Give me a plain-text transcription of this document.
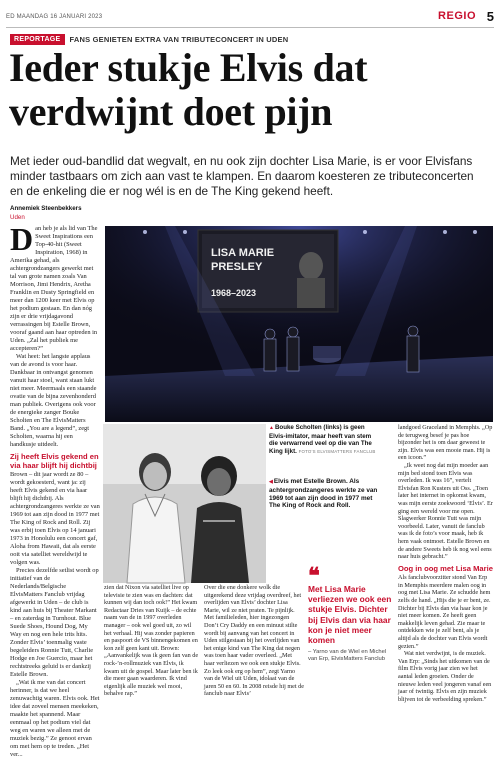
ED MAANDAG 16 JANUARI 2023	REGIO 5
REPORTAGE	FANS GENIETEN EXTRA VAN TRIBUTECONCERT IN UDEN
Ieder stukje Elvis dat verdwijnt doet pijn

Met ieder oud-bandlid dat wegvalt, en nu ook zijn dochter Lisa Marie, is er voor Elvisfans minder tastbaars om zich aan vast te klampen. En daarom koesteren ze tributeconcerten en de enkeling die er nog wél is en de The King gekend heeft.

Annemiek Steenbekkers
Uden

Dan heb je als lid van The Sweet Inspirations een Top-40-hit (Sweet Inspiration, 1968) in Amerika gehad, als achtergrondzangers gewerkt met tal van grote namen zoals Van Morrison, Jimi Hendrix, Aretha Franklin en Dusty Springfield en meer dan 1200 keer met Elvis op het podium gestaan. En dan nóg zijn er drie vrijdagavond verrassingen bij Estelle Brown, vooraf gaand aan haar optreden in Uden. „Zal het publiek me accepteren?”

Wat heet: het langste applaus van de avond is voor haar. Dankbaar in ontvangst genomen vanuit haar stoel, want staan lukt niet meer. Meermaals een staande ovatie van de bijna zevenhonderd man publiek. Overigens ook voor de energieke zanger Bouke Scholten en The ElvisMatters Band. „You are a legend”, zegt Scholten, waarna hij een handkusje uitdeelt.

Zij heeft Elvis gekend en via haar blijft hij dichtbij

Brown – dit jaar wordt ze 80 – wordt gekoesterd, want ja: zij heeft Elvis gekend en via haar blijft hij dichtbij. Als achtergrondzangeres werkte ze van 1969 tot aan zijn dood in 1977 met The King of Rock and Roll. Zij was erbij toen Elvis op 14 januari 1973 in Honolulu een concert gaf, Aloha from Hawaii, dat als eerste ooit via satelliet wereldwijd te volgen was.

Precies dezelfde setlist wordt op initiatief van de Nederlands/Belgische ElvisMatters Fanclub vrijdag afgewerkt in Uden – de club is kind aan huis bij Theater Markant – en zaterdag in Turnhout. Blue Suede Shoes, Hound Dog, My Way en nog een hele trits hits. Zonder Elvis’ toenmalig vaste begeleiders Ronnie Tutt, Charlie Hodge en Joe Guercio, maar het rechtstreeks geluid is er dankzij Estelle Brown.

„Wat ik me van dat concert herinner, is dat we heel zenuwachtig waren. Elvis ook. Het idee dat zoveel mensen meekeken, maakte het spannend. Maar eenmaal op het podium viel dat weg en waren we alleen met de muziek bezig.” Ze genoot ervan om met hem op te treden. „Het ver...

LISA MARIE
PRESLEY
1968–2023
▲Bouke Scholten (links) is geen Elvis-imitator, maar heeft van stem die verwarrend veel op die van The King lijkt. FOTO’S ELVISMATTERS FANCLUB
◀Elvis met Estelle Brown. Als achtergrondzangeres werkte ze van 1969 tot aan zijn dood in 1977 met The King of Rock and Roll.

zien dat Nixon via satelliet live op televisie te zien was en dachten: dat kunnen wij dan toch ook!” Het kwam Redactaar Dries van Kuijk – de echte naam van de in 1997 overleden manager – ook wel goed uit, zo wil het verhaal. Hij was zonder papieren en paspoort de VS binnengekomen en kon zelf geen kant uit. Brown: „Aanvankelijk was ik geen fan van de rock-’n-rollmuziek van Elvis, ik kwam uit de gospel. Maar later ben ik die meer gaan waarderen. Ik vind eigenlijk alle muziek wel mooi, behalve rap.”

Over die ene donkere wolk die uitgerekend deze vrijdag overdreef, het overlijden van Elvis’ dochter Lisa Marie, wil ze niet praten. Te pijnlijk. Met familieleden, hier ingezongen Don’t Cry Daddy en een minuut stilte wordt bij aanvang van het concert in Uden stilgestaan bij het overlijden van het enige kind van The King dat negen was toen haar vader overleed. „Met haar verliezen we ook een stukje Elvis. Zo leek ook erg op hem”, zegt Yarno van de Wiel uit Uden, idolaat van de jaren 50 en 60. In 2008 reisde hij met de fanclub naar Elvis’

❝
Met Lisa Marie verliezen we ook een stukje Elvis. Dichter bij Elvis dan via haar kon je niet meer komen
– Yarno van de Wiel en Michel van Erp, ElvisMatters Fanclub

landgoed Graceland in Memphis. „Op de terugweg besef je pas hoe bijzonder het is om daar geweest te zijn. Elvis was een mooie man. Hij is een icoon.”

„Ik weet nog dat mijn moeder aan mijn bed stond toen Elvis was overleden. Ik was 16”, vertelt Elvisfan Ron Kusters uit Oss. „Toen later het internet in opkomst kwam, was mijn eerste zoekwoord ‘Elvis’. Er ging een wereld voor me open. Slagwerker Ronnie Tutt was mijn voorbeeld. Later, vanuit de fanclub was ik de foto’s voor maak, heb ik hem vaak ontmoet. Estelle Brown en de andere Sweets heb ik nog wel eens naar huis gebracht.”

Oog in oog met Lisa Marie

Als fanclubvoorzitter stond Van Erp in Memphis meerdere malen oog in oog met Lisa Marie. Ze schudde hem zelfs de hand. „Hijs die je er bent, ze. Dichter bij Elvis dan via haar kon je niet meer komen. Ze heeft geen makkelijk leven gehad. Zie maar te ontdekken wie je zelf bent, als je altijd als de dochter van Elvis wordt gezien.”

Wat niet verdwijnt, is de muziek. Van Erp: „Sinds het uitkomen van de film Elvis vorig jaar zien we het aantal leden groeien. Onder de nieuwe leden veel jongeren vanaf een jaar of twintig. Elvis en zijn muziek blijven tot de verbeelding spreken.”
